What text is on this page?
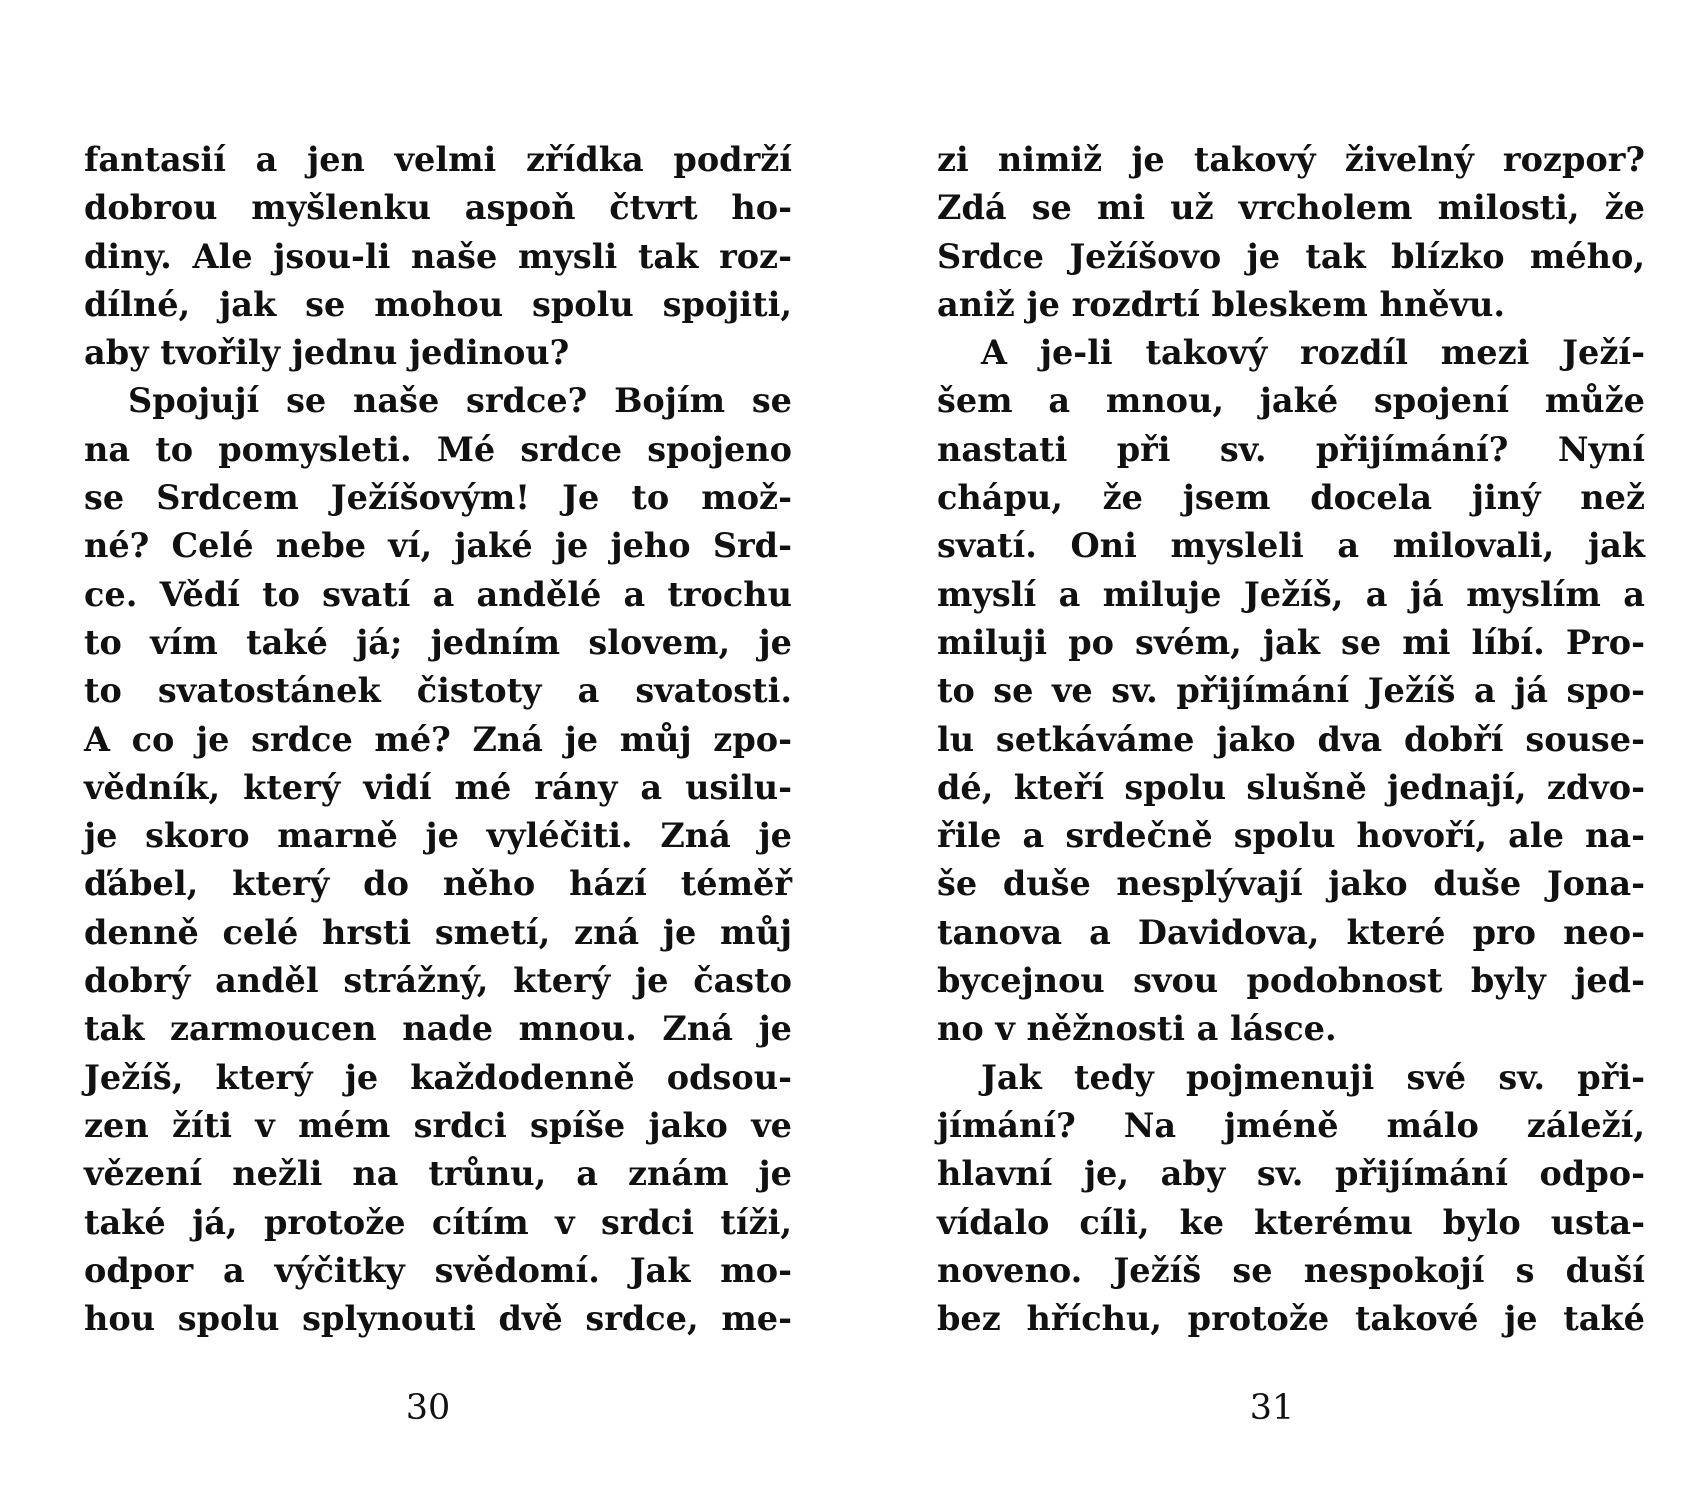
fantasií a jen velmi zřídka podrží
dobrou myšlenku aspoň čtvrt ho-
diny. Ale jsou-li naše mysli tak roz-
dílné, jak se mohou spolu spojiti,
aby tvořily jednu jedinou?
Spojují se naše srdce? Bojím se
na to pomysleti. Mé srdce spojeno
se Srdcem Ježíšovým! Je to mož-
né? Celé nebe ví, jaké je jeho Srd-
ce. Vědí to svatí a andělé a trochu
to vím také já; jedním slovem, je
to svatostánek čistoty a svatosti.
A co je srdce mé? Zná je můj zpo-
vědník, který vidí mé rány a usilu-
je skoro marně je vyléčiti. Zná je
ďábel, který do něho hází téměř
denně celé hrsti smetí, zná je můj
dobrý anděl strážný, který je často
tak zarmoucen nade mnou. Zná je
Ježíš, který je každodenně odsou-
zen žíti v mém srdci spíše jako ve
vězení nežli na trůnu, a znám je
také já, protože cítím v srdci tíži,
odpor a výčitky svědomí. Jak mo-
hou spolu splynouti dvě srdce, me-
30
zi nimiž je takový živelný rozpor?
Zdá se mi už vrcholem milosti, že
Srdce Ježíšovo je tak blízko mého,
aniž je rozdrtí bleskem hněvu.
A je-li takový rozdíl mezi Ježí-
šem a mnou, jaké spojení může
nastati při sv. přijímání? Nyní
chápu, že jsem docela jiný než
svatí. Oni mysleli a milovali, jak
myslí a miluje Ježíš, a já myslím a
miluji po svém, jak se mi líbí. Pro-
to se ve sv. přijímání Ježíš a já spo-
lu setkáváme jako dva dobří souse-
dé, kteří spolu slušně jednají, zdvo-
řile a srdečně spolu hovoří, ale na-
še duše nesplývají jako duše Jona-
tanova a Davidova, které pro neo-
bycejnou svou podobnost byly jed-
no v něžnosti a lásce.
Jak tedy pojmenuji své sv. při-
jímání? Na jméně málo záleží,
hlavní je, aby sv. přijímání odpo-
vídalo cíli, ke kterému bylo usta-
noveno. Ježíš se nespokojí s duší
bez hříchu, protože takové je také
31
